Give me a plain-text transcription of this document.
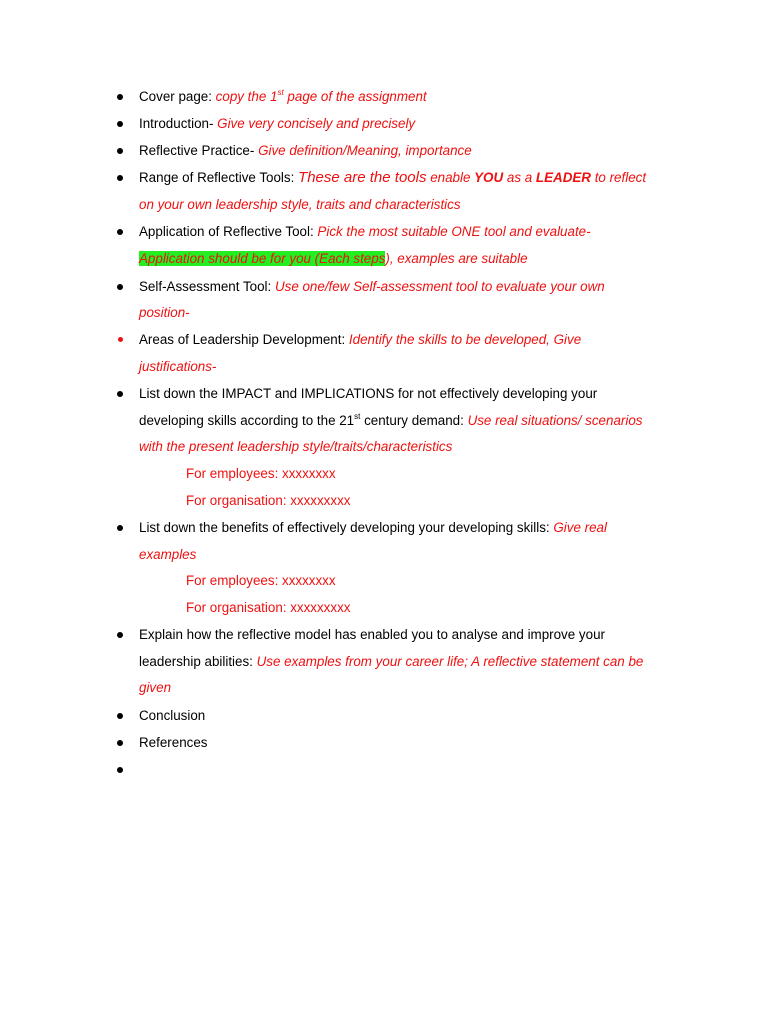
Cover page: copy the 1st page of the assignment
Introduction- Give very concisely and precisely
Reflective Practice- Give definition/Meaning, importance
Range of Reflective Tools: These are the tools enable YOU as a LEADER to reflect
on your own leadership style, traits and characteristics
Application of Reflective Tool: Pick the most suitable ONE tool and evaluate-
Application should be for you (Each steps), examples are suitable
Self-Assessment Tool: Use one/few Self-assessment tool to evaluate your own
position-
Areas of Leadership Development: Identify the skills to be developed, Give
justifications-
List down the IMPACT and IMPLICATIONS for not effectively developing your
developing skills according to the 21st century demand: Use real situations/ scenarios
with the present leadership style/traits/characteristics
For employees: xxxxxxxx
For organisation: xxxxxxxxx
List down the benefits of effectively developing your developing skills: Give real
examples
For employees: xxxxxxxx
For organisation: xxxxxxxxx
Explain how the reflective model has enabled you to analyse and improve your
leadership abilities: Use examples from your career life; A reflective statement can be
given
Conclusion
References
